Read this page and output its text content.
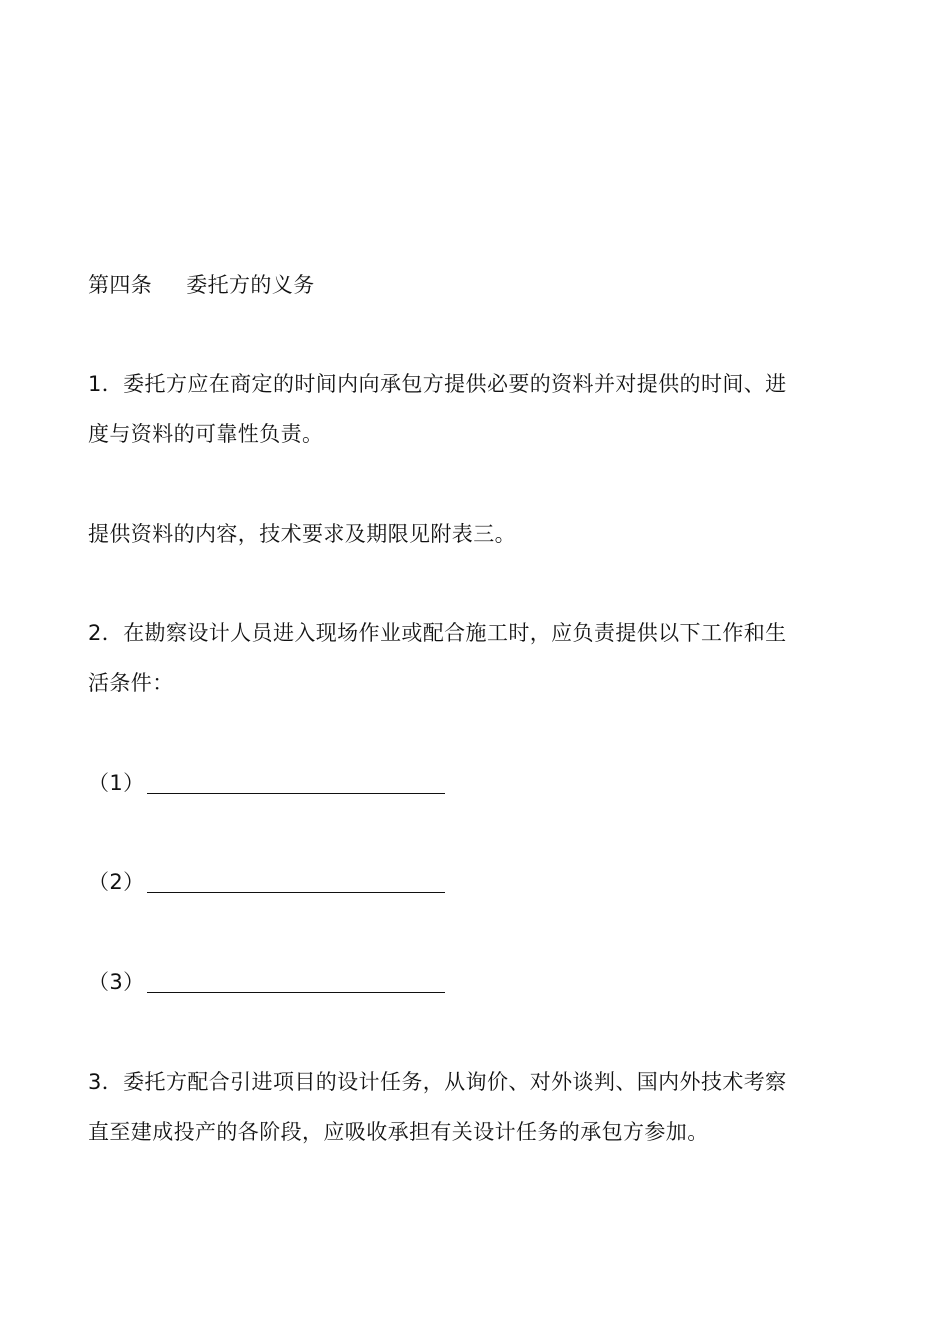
第四条 委托方的义务
1．委托方应在商定的时间内向承包方提供必要的资料并对提供的时间、进
度与资料的可靠性负责。
提供资料的内容，技术要求及期限见附表三。
2．在勘察设计人员进入现场作业或配合施工时，应负责提供以下工作和生
活条件：
（1）
（2）
（3）
3．委托方配合引进项目的设计任务，从询价、对外谈判、国内外技术考察
直至建成投产的各阶段，应吸收承担有关设计任务的承包方参加。
